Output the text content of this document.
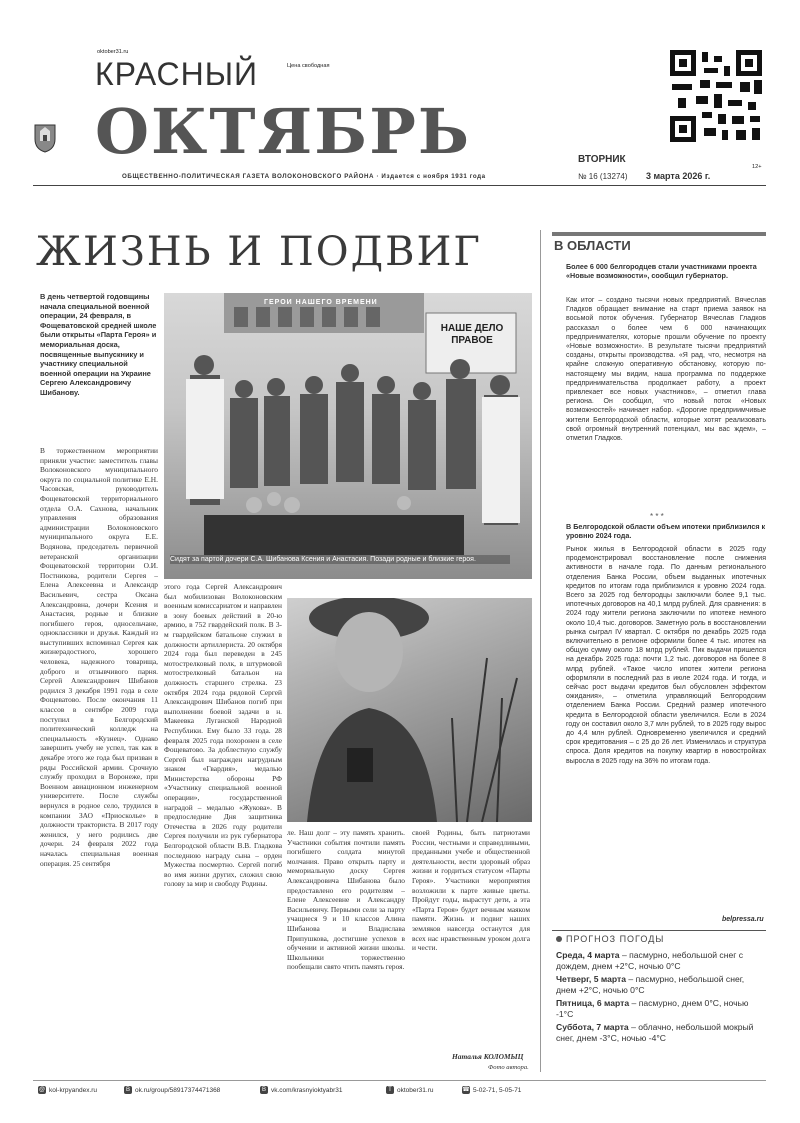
oktober31.ru
КРАСНЫЙ	Цена свободная
ОКТЯБРЬ	ВТОРНИК
12+
ОБЩЕСТВЕННО-ПОЛИТИЧЕСКАЯ ГАЗЕТА ВОЛОКОНОВСКОГО РАЙОНА · Издается с ноября 1931 года	№ 16 (13274) 3 марта 2026 г.
ЖИЗНЬ И ПОДВИГ
В день четвертой годовщины начала специальной военной операции, 24 февраля, в Фощеватовской средней школе были открыты «Парта Героя» и мемориальная доска, посвященные выпускнику и участнику специальной военной операции на Украине Сергею Александровичу Шибанову.
ГЕРОИ НАШЕГО ВРЕМЕНИ
НАШЕ ДЕЛО ПРАВОЕ
Сидят за партой дочери С.А. Шибанова Ксения и Анастасия. Позади родные и близкие героя.
В торжественном мероприятии приняли участие: заместитель главы Волоконовского муниципального округа по социальной политике Е.Н. Часовская, руководитель Фощеватовской территориального отдела О.А. Сахнова, начальник управления образования администрации Волоконовского муниципального округа Е.Е. Водянова, председатель первичной ветеранской организации Фощеватовской территории О.И. Постникова, родители Сергея – Елена Алексеевна и Александр Васильевич, сестра Оксана Александровна, дочери Ксения и Анастасия, родные и близкие погибшего героя, односельчане, одноклассники и друзья. Каждый из выступивших вспоминал Сергея как жизнерадостного, хорошего человека, надежного товарища, доброго и отзывчивого парня. Сергей Александрович Шибанов родился 3 декабря 1991 года в селе Фощеватово. После окончания 11 классов в сентябре 2009 года поступил в Белгородский политехнический колледж на специальность «Кузнец». Однако завершить учебу не успел, так как в декабре этого же года был призван в ряды Российской армии. Срочную службу проходил в Воронеже, при Военном авиационном инженерном университете. После службы вернулся в родное село, трудился в компании ЗАО «Приосколье» в должности тракториста. В 2017 году женился, у него родились две дочери. 24 февраля 2022 года началась специальная военная операция. 25 сентября
этого года Сергей Александрович был мобилизован Волоконовским военным комиссариатом и направлен в зону боевых действий в 20-ю армию, в 752 гвардейский полк. В 3-м гвардейском батальоне служил в должности артиллериста. 20 октября 2024 года был переведен в 245 мотострелковый полк, в штурмовой мотострелковый батальон на должность старшего стрелка. 23 октября 2024 года рядовой Сергей Александрович Шибанов погиб при выполнении боевой задачи в н. Макеевка Луганской Народной Республики. Ему было 33 года. 28 февраля 2025 года похоронен в селе Фощеватово. За доблестную службу Сергей был награжден нагрудным знаком «Гвардия», медалью Министерства обороны РФ «Участнику специальной военной операции», государственной наградой – медалью «Жукова». В предпоследние Дня защитника Отечества в 2026 году родители Сергея получили из рук губернатора Белгородской области В.В. Гладкова последнюю награду сына – орден Мужества посмертно. Сергей погиб во имя жизни других, сложил свою голову за мир и свободу Родины.
ле. Наш долг – эту память хранить. Участники события почтили память погибшего солдата минутой молчания. Право открыть парту и мемориальную доску Сергея Александровича Шибанова было предоставлено его родителям – Елене Алексеевне и Александру Васильевичу. Первыми сели за парту учащиеся 9 и 10 классов Алина Шибанова и Владислава Припушкова, достигшие успехов в обучении и активной жизни школы. Школьники торжественно пообещали свято чтить память героя.
своей Родины, быть патриотами России, честными и справедливыми, преданными учебе и общественной деятельности, вести здоровый образ жизни и гордиться статусом «Парты Героя». Участники мероприятия возложили к парте живые цветы. Пройдут годы, вырастут дети, а эта «Парта Героя» будет вечным маяком памяти. Жизнь и подвиг наших земляков навсегда останутся для всех нас нравственным уроком долга и чести.
Наталья КОЛОМЫЦ
Фото автора.
В ОБЛАСТИ
Более 6 000 белгородцев стали участниками проекта «Новые возможности», сообщил губернатор.
Как итог – создано тысячи новых предприятий. Вячеслав Гладков обращает внимание на старт приема заявок на восьмой поток обучения. Губернатор Вячеслав Гладков рассказал о более чем 6 000 начинающих предпринимателях, которые прошли обучение по проекту «Новые возможности». В результате тысячи предприятий созданы, открыты производства. «Я рад, что, несмотря на крайне сложную оперативную обстановку, которую по-настоящему мы видим, наша программа по поддержке предпринимательства продолжает работу, а проект привлекает все новых участников», – отметил глава региона. Он сообщил, что новый поток «Новых возможностей» начинает набор. «Дорогие предприимчивые жители Белгородской области, которые хотят реализовать свой огромный внутренний потенциал, мы вас ждем», – отметил Гладков.
* * *
В Белгородской области объем ипотеки приблизился к уровню 2024 года.
Рынок жилья в Белгородской области в 2025 году продемонстрировал восстановление после снижения активности в начале года. По данным регионального отделения Банка России, объем выданных ипотечных кредитов по итогам года приблизился к уровню 2024 года. Всего за 2025 год белгородцы заключили более 9,1 тыс. ипотечных договоров на 40,1 млрд рублей. Для сравнения: в 2024 году жители региона заключили по ипотеке немного около 10,4 тыс. договоров. Заметную роль в восстановлении рынка сыграл IV квартал. С октября по декабрь 2025 года включительно в регионе оформили более 4 тыс. ипотек на общую сумму около 18 млрд рублей. Пик выдачи пришелся на декабрь 2025 года: почти 1,2 тыс. договоров на более 8 млрд рублей. «Такое число ипотек жители региона оформляли в последний раз в июле 2024 года. И тогда, и сейчас рост выдачи кредитов был обусловлен эффектом ожидания», – отметила управляющий Белгородским отделением Банка России. Средний размер ипотечного кредита в Белгородской области увеличился. Если в 2024 году он составил около 3,7 млн рублей, то в 2025 году вырос до 4,4 млн рублей. Одновременно увеличился и средний срок кредитования – с 25 до 26 лет. Изменилась и структура спроса. Доля кредитов на покупку квартир в новостройках выросла в 2025 году на 36% по итогам года.
belpressa.ru
ПРОГНОЗ ПОГОДЫ
Среда, 4 марта – пасмурно, небольшой снег с дождем, днем +2°С, ночью 0°С
Четверг, 5 марта – пасмурно, небольшой снег, днем +2°С, ночью 0°С
Пятница, 6 марта – пасмурно, днем 0°С, ночью -1°С
Суббота, 7 марта – облачно, небольшой мокрый снег, днем -3°С, ночью -4°С
@ kol-krpyandex.ru	В ok.ru/group/58917374471368	В vk.com/krasnyioktyabr31	Т oktober31.ru	☎ 5-02-71, 5-05-71
